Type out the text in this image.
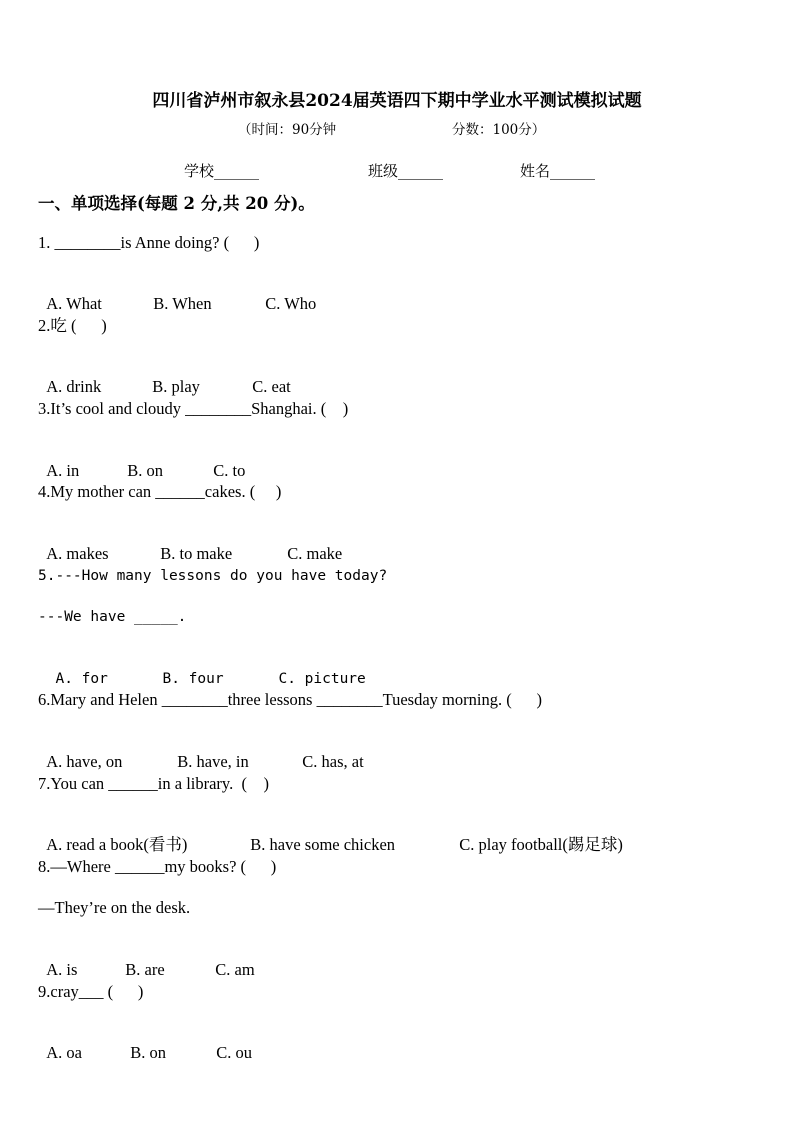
四川省泸州市叙永县2024届英语四下期中学业水平测试模拟试题
（时间：90分钟	分数：100分）
学校______	班级______	姓名______
一、单项选择(每题 2 分,共 20 分)。
1. ________is Anne doing? (      )

A. What	B. When	C. Who

2.吃 (      )

A. drink	B. play	C. eat

3.It’s cool and cloudy ________Shanghai. (    )

A. in	B. on	C. to

4.My mother can ______cakes. (     )

A. makes	B. to make	C. make

5.---How many lessons do you have today?
---We have _____.

A. for	B. four	C. picture

6.Mary and Helen ________three lessons ________Tuesday morning. (      )

A. have, on	B. have, in	C. has, at

7.You can ______in a library.  (    )

A. read a book(看书)	B. have some chicken	C. play football(踢足球)

8.—Where ______my books? (      )
—They’re on the desk.

A. is	B. are	C. am

9.cray___ (      )

A. oa	B. on	C. ou
